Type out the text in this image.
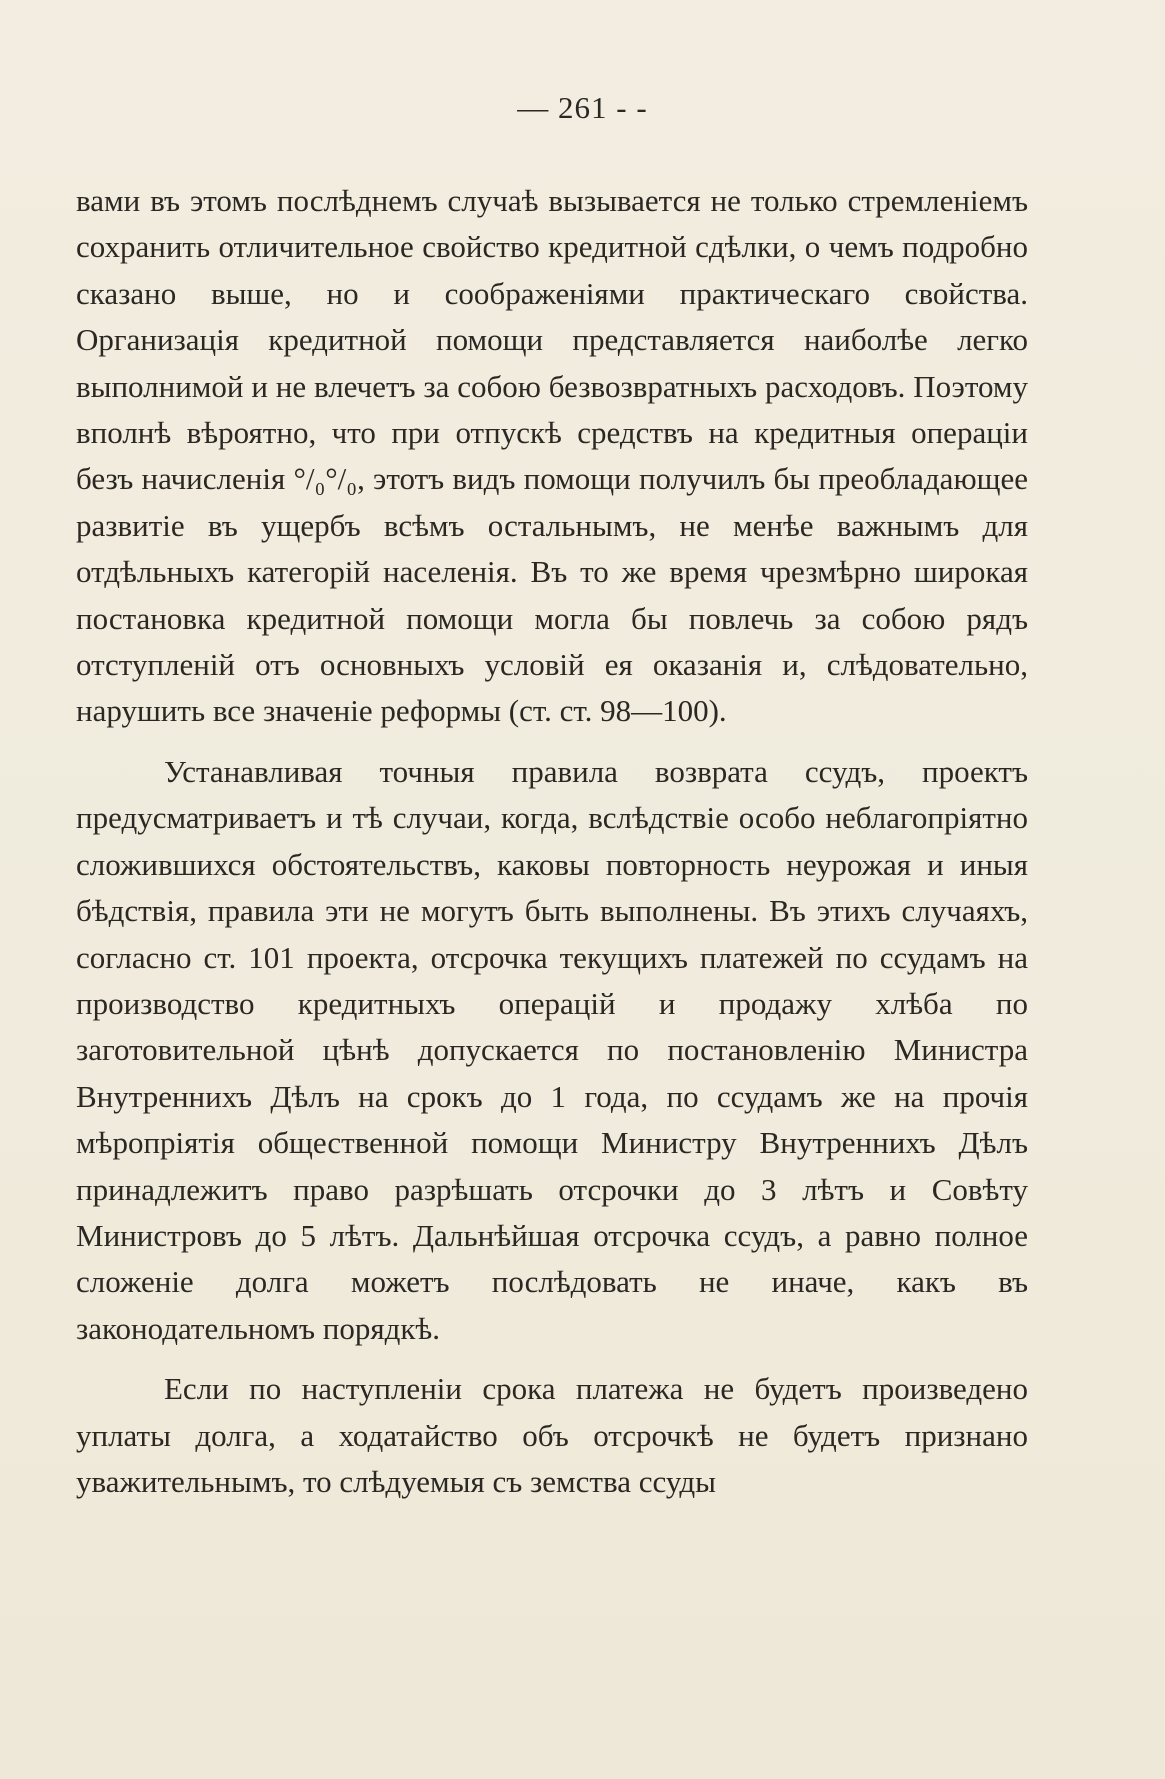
— 261 - -

вами въ этомъ послѣднемъ случаѣ вызывается не только стремленіемъ сохранить отличительное свойство кредитной сдѣлки, о чемъ подробно сказано выше, но и соображеніями практическаго свойства. Организація кредитной помощи представляется наиболѣе легко выполнимой и не влечетъ за собою безвозвратныхъ расходовъ. Поэтому вполнѣ вѣроятно, что при отпускѣ средствъ на кредитныя операціи безъ начисленія °/₀°/₀, этотъ видъ помощи получилъ бы преобладающее развитіе въ ущербъ всѣмъ остальнымъ, не менѣе важнымъ для отдѣльныхъ категорій населенія. Въ то же время чрезмѣрно широкая постановка кредитной помощи могла бы повлечь за собою рядъ отступленій отъ основныхъ условій ея оказанія и, слѣдовательно, нарушить все значеніе реформы (ст. ст. 98—100).

Устанавливая точныя правила возврата ссудъ, проектъ предусматриваетъ и тѣ случаи, когда, вслѣдствіе особо неблагопріятно сложившихся обстоятельствъ, каковы повторность неурожая и иныя бѣдствія, правила эти не могутъ быть выполнены. Въ этихъ случаяхъ, согласно ст. 101 проекта, отсрочка текущихъ платежей по ссудамъ на производство кредитныхъ операцій и продажу хлѣба по заготовительной цѣнѣ допускается по постановленію Министра Внутреннихъ Дѣлъ на срокъ до 1 года, по ссудамъ же на прочія мѣропріятія общественной помощи Министру Внутреннихъ Дѣлъ принадлежитъ право разрѣшать отсрочки до 3 лѣтъ и Совѣту Министровъ до 5 лѣтъ. Дальнѣйшая отсрочка ссудъ, а равно полное сложеніе долга можетъ послѣдовать не иначе, какъ въ законодательномъ порядкѣ.

Если по наступленіи срока платежа не будетъ произведено уплаты долга, а ходатайство объ отсрочкѣ не будетъ признано уважительнымъ, то слѣдуемыя съ земства ссуды
